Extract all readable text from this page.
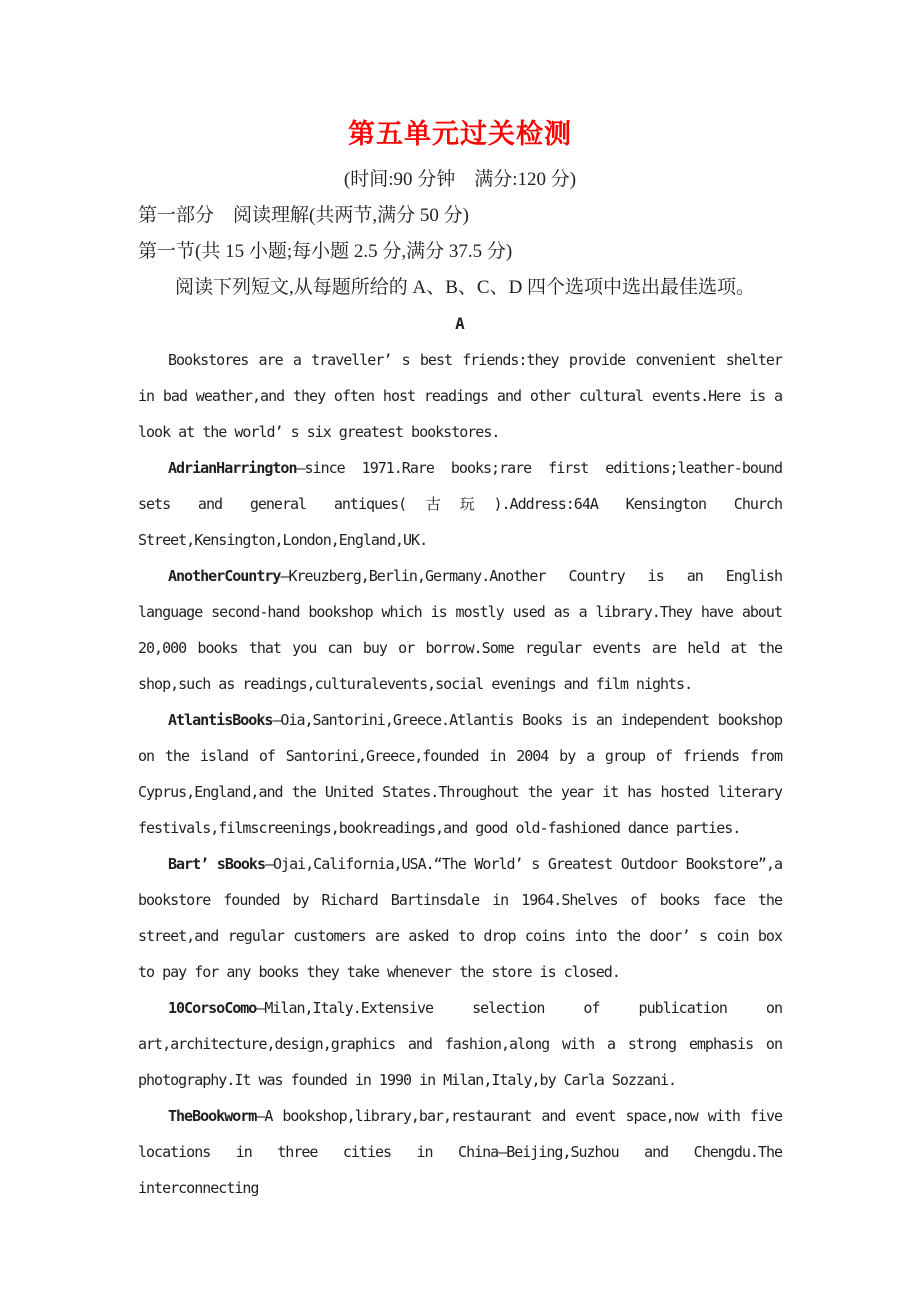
第五单元过关检测
(时间:90 分钟　满分:120 分)
第一部分　阅读理解(共两节,满分 50 分)
第一节(共 15 小题;每小题 2.5 分,满分 37.5 分)
阅读下列短文,从每题所给的 A、B、C、D 四个选项中选出最佳选项。
A

Bookstores are a traveller’ s best friends:they provide convenient shelter in bad weather,and they often host readings and other cultural events.Here is a look at the world’ s six greatest bookstores.

AdrianHarrington—since 1971.Rare books;rare first editions;leather-bound sets and general antiques(古玩).Address:64A Kensington Church Street,Kensington,London,England,UK.

AnotherCountry—Kreuzberg,Berlin,Germany.Another Country is an English language second-hand bookshop which is mostly used as a library.They have about 20,000 books that you can buy or borrow.Some regular events are held at the shop,such as readings,culturalevents,social evenings and film nights.

AtlantisBooks—Oia,Santorini,Greece.Atlantis Books is an independent bookshop on the island of Santorini,Greece,founded in 2004 by a group of friends from Cyprus,England,and the United States.Throughout the year it has hosted literary festivals,filmscreenings,bookreadings,and good old-fashioned dance parties.

Bart’ sBooks—Ojai,California,USA.“The World’ s Greatest Outdoor Bookstore”,a bookstore founded by Richard Bartinsdale in 1964.Shelves of books face the street,and regular customers are asked to drop coins into the door’ s coin box to pay for any books they take whenever the store is closed.

10CorsoComo—Milan,Italy.Extensive selection of publication on art,architecture,design,graphics and fashion,along with a strong emphasis on photography.It was founded in 1990 in Milan,Italy,by Carla Sozzani.

TheBookworm—A bookshop,library,bar,restaurant and event space,now with five locations in three cities in China—Beijing,Suzhou and Chengdu.The interconnecting
